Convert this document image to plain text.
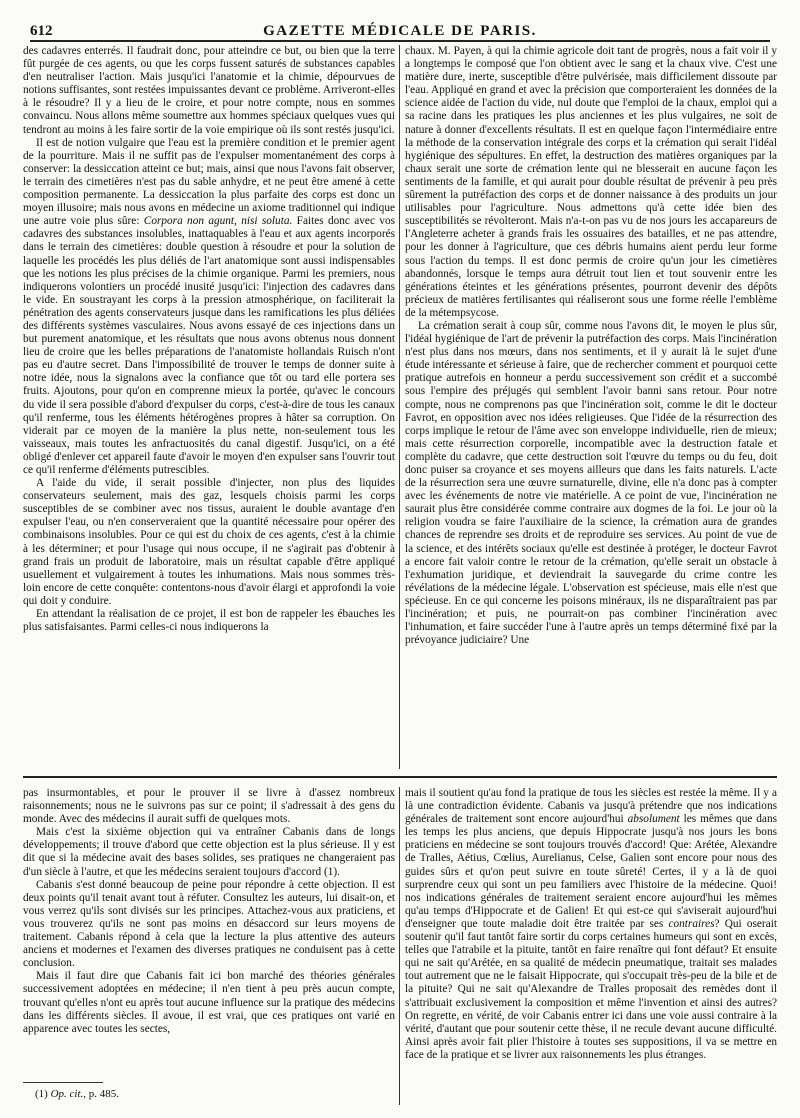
612	GAZETTE MÉDICALE DE PARIS.

des cadavres enterrés. Il faudrait donc, pour atteindre ce but, ou bien que la terre fût purgée de ces agents, ou que les corps fussent saturés de substances capables d'en neutraliser l'action. Mais jusqu'ici l'anatomie et la chimie, dépourvues de notions suffisantes, sont restées impuissantes devant ce problème. Arriveront-elles à le résoudre? Il y a lieu de le croire, et pour notre compte, nous en sommes convaincu. Nous allons même soumettre aux hommes spéciaux quelques vues qui tendront au moins à les faire sortir de la voie empirique où ils sont restés jusqu'ici.

Il est de notion vulgaire que l'eau est la première condition et le premier agent de la pourriture. Mais il ne suffit pas de l'expulser momentanément des corps à conserver: la dessiccation atteint ce but; mais, ainsi que nous l'avons fait observer, le terrain des cimetières n'est pas du sable anhydre, et ne peut être amené à cette composition permanente. La dessiccation la plus parfaite des corps est donc un moyen illusoire; mais nous avons en médecine un axiome traditionnel qui indique une autre voie plus sûre: Corpora non agunt, nisi soluta. Faites donc avec vos cadavres des substances insolubles, inattaquables à l'eau et aux agents incorporés dans le terrain des cimetières: double question à résoudre et pour la solution de laquelle les procédés les plus déliés de l'art anatomique sont aussi indispensables que les notions les plus précises de la chimie organique. Parmi les premiers, nous indiquerons volontiers un procédé inusité jusqu'ici: l'injection des cadavres dans le vide. En soustrayant les corps à la pression atmosphérique, on faciliterait la pénétration des agents conservateurs jusque dans les ramifications les plus déliées des différents systèmes vasculaires. Nous avons essayé de ces injections dans un but purement anatomique, et les résultats que nous avons obtenus nous donnent lieu de croire que les belles préparations de l'anatomiste hollandais Ruisch n'ont pas eu d'autre secret. Dans l'impossibilité de trouver le temps de donner suite à notre idée, nous la signalons avec la confiance que tôt ou tard elle portera ses fruits. Ajoutons, pour qu'on en comprenne mieux la portée, qu'avec le concours du vide il sera possible d'abord d'expulser du corps, c'est-à-dire de tous les canaux qu'il renferme, tous les éléments hétérogènes propres à hâter sa corruption. On viderait par ce moyen de la manière la plus nette, non-seulement tous les vaisseaux, mais toutes les anfractuosités du canal digestif. Jusqu'ici, on a été obligé d'enlever cet appareil faute d'avoir le moyen d'en expulser sans l'ouvrir tout ce qu'il renferme d'éléments putrescibles.

A l'aide du vide, il serait possible d'injecter, non plus des liquides conservateurs seulement, mais des gaz, lesquels choisis parmi les corps susceptibles de se combiner avec nos tissus, auraient le double avantage d'en expulser l'eau, ou n'en conserveraient que la quantité nécessaire pour opérer des combinaisons insolubles. Pour ce qui est du choix de ces agents, c'est à la chimie à les déterminer; et pour l'usage qui nous occupe, il ne s'agirait pas d'obtenir à grand frais un produit de laboratoire, mais un résultat capable d'être appliqué usuellement et vulgairement à toutes les inhumations. Mais nous sommes très-loin encore de cette conquête: contentons-nous d'avoir élargi et approfondi la voie qui doit y conduire.

En attendant la réalisation de ce projet, il est bon de rappeler les ébauches les plus satisfaisantes. Parmi celles-ci nous indiquerons la

chaux. M. Payen, à qui la chimie agricole doit tant de progrès, nous a fait voir il y a longtemps le composé que l'on obtient avec le sang et la chaux vive. C'est une matière dure, inerte, susceptible d'être pulvérisée, mais difficilement dissoute par l'eau. Appliqué en grand et avec la précision que comporteraient les données de la science aidée de l'action du vide, nul doute que l'emploi de la chaux, emploi qui a sa racine dans les pratiques les plus anciennes et les plus vulgaires, ne soit de nature à donner d'excellents résultats. Il est en quelque façon l'intermédiaire entre la méthode de la conservation intégrale des corps et la crémation qui serait l'idéal hygiénique des sépultures. En effet, la destruction des matières organiques par la chaux serait une sorte de crémation lente qui ne blesserait en aucune façon les sentiments de la famille, et qui aurait pour double résultat de prévenir à peu près sûrement la putréfaction des corps et de donner naissance à des produits un jour utilisables pour l'agriculture. Nous admettons qu'à cette idée bien des susceptibilités se révolteront. Mais n'a-t-on pas vu de nos jours les accapareurs de l'Angleterre acheter à grands frais les ossuaires des batailles, et ne pas attendre, pour les donner à l'agriculture, que ces débris humains aient perdu leur forme sous l'action du temps. Il est donc permis de croire qu'un jour les cimetières abandonnés, lorsque le temps aura détruit tout lien et tout souvenir entre les générations éteintes et les générations présentes, pourront devenir des dépôts précieux de matières fertilisantes qui réaliseront sous une forme réelle l'emblème de la métempsycose.

La crémation serait à coup sûr, comme nous l'avons dit, le moyen le plus sûr, l'idéal hygiénique de l'art de prévenir la putréfaction des corps. Mais l'incinération n'est plus dans nos mœurs, dans nos sentiments, et il y aurait là le sujet d'une étude intéressante et sérieuse à faire, que de rechercher comment et pourquoi cette pratique autrefois en honneur a perdu successivement son crédit et a succombé sous l'empire des préjugés qui semblent l'avoir banni sans retour. Pour notre compte, nous ne comprenons pas que l'incinération soit, comme le dit le docteur Favrot, en opposition avec nos idées religieuses. Que l'idée de la résurrection des corps implique le retour de l'âme avec son enveloppe individuelle, rien de mieux; mais cette résurrection corporelle, incompatible avec la destruction fatale et complète du cadavre, que cette destruction soit l'œuvre du temps ou du feu, doit donc puiser sa croyance et ses moyens ailleurs que dans les faits naturels. L'acte de la résurrection sera une œuvre surnaturelle, divine, elle n'a donc pas à compter avec les événements de notre vie matérielle. A ce point de vue, l'incinération ne saurait plus être considérée comme contraire aux dogmes de la foi. Le jour où la religion voudra se faire l'auxiliaire de la science, la crémation aura de grandes chances de reprendre ses droits et de reproduire ses services. Au point de vue de la science, et des intérêts sociaux qu'elle est destinée à protéger, le docteur Favrot a encore fait valoir contre le retour de la crémation, qu'elle serait un obstacle à l'exhumation juridique, et deviendrait la sauvegarde du crime contre les révélations de la médecine légale. L'observation est spécieuse, mais elle n'est que spécieuse. En ce qui concerne les poisons minéraux, ils ne disparaîtraient pas par l'incinération; et puis, ne pourrait-on pas combiner l'incinération avec l'inhumation, et faire succéder l'une à l'autre après un temps déterminé fixé par la prévoyance judiciaire? Une

pas insurmontables, et pour le prouver il se livre à d'assez nombreux raisonnements; nous ne le suivrons pas sur ce point; il s'adressait à des gens du monde. Avec des médecins il aurait suffi de quelques mots.

Mais c'est la sixième objection qui va entraîner Cabanis dans de longs développements; il trouve d'abord que cette objection est la plus sérieuse. Il y est dit que si la médecine avait des bases solides, ses pratiques ne changeraient pas d'un siècle à l'autre, et que les médecins seraient toujours d'accord (1).

Cabanis s'est donné beaucoup de peine pour répondre à cette objection. Il est deux points qu'il tenait avant tout à réfuter. Consultez les auteurs, lui disait-on, et vous verrez qu'ils sont divisés sur les principes. Attachez-vous aux praticiens, et vous trouverez qu'ils ne sont pas moins en désaccord sur leurs moyens de traitement. Cabanis répond à cela que la lecture la plus attentive des auteurs anciens et modernes et l'examen des diverses pratiques ne conduisent pas à cette conclusion.

Mais il faut dire que Cabanis fait ici bon marché des théories générales successivement adoptées en médecine; il n'en tient à peu près aucun compte, trouvant qu'elles n'ont eu après tout aucune influence sur la pratique des médecins dans les différents siècles. Il avoue, il est vrai, que ces pratiques ont varié en apparence avec toutes les sectes,

mais il soutient qu'au fond la pratique de tous les siècles est restée la même. Il y a là une contradiction évidente. Cabanis va jusqu'à prétendre que nos indications générales de traitement sont encore aujourd'hui absolument les mêmes que dans les temps les plus anciens, que depuis Hippocrate jusqu'à nos jours les bons praticiens en médecine se sont toujours trouvés d'accord! Que: Arétée, Alexandre de Tralles, Aétius, Cœlius, Aurelianus, Celse, Galien sont encore pour nous des guides sûrs et qu'on peut suivre en toute sûreté! Certes, il y a là de quoi surprendre ceux qui sont un peu familiers avec l'histoire de la médecine. Quoi! nos indications générales de traitement seraient encore aujourd'hui les mêmes qu'au temps d'Hippocrate et de Galien! Et qui est-ce qui s'aviserait aujourd'hui d'enseigner que toute maladie doit être traitée par ses contraires? Qui oserait soutenir qu'il faut tantôt faire sortir du corps certaines humeurs qui sont en excès, telles que l'atrabile et la pituite, tantôt en faire renaître qui font défaut? Et ensuite qui ne sait qu'Arétée, en sa qualité de médecin pneumatique, traitait ses malades tout autrement que ne le faisait Hippocrate, qui s'occupait très-peu de la bile et de la pituite? Qui ne sait qu'Alexandre de Tralles proposait des remèdes dont il s'attribuait exclusivement la composition et même l'invention et ainsi des autres? On regrette, en vérité, de voir Cabanis entrer ici dans une voie aussi contraire à la vérité, d'autant que pour soutenir cette thèse, il ne recule devant aucune difficulté. Ainsi après avoir fait plier l'histoire à toutes ses suppositions, il va se mettre en face de la pratique et se livrer aux raisonnements les plus étranges.

(1) Op. cit., p. 485.
